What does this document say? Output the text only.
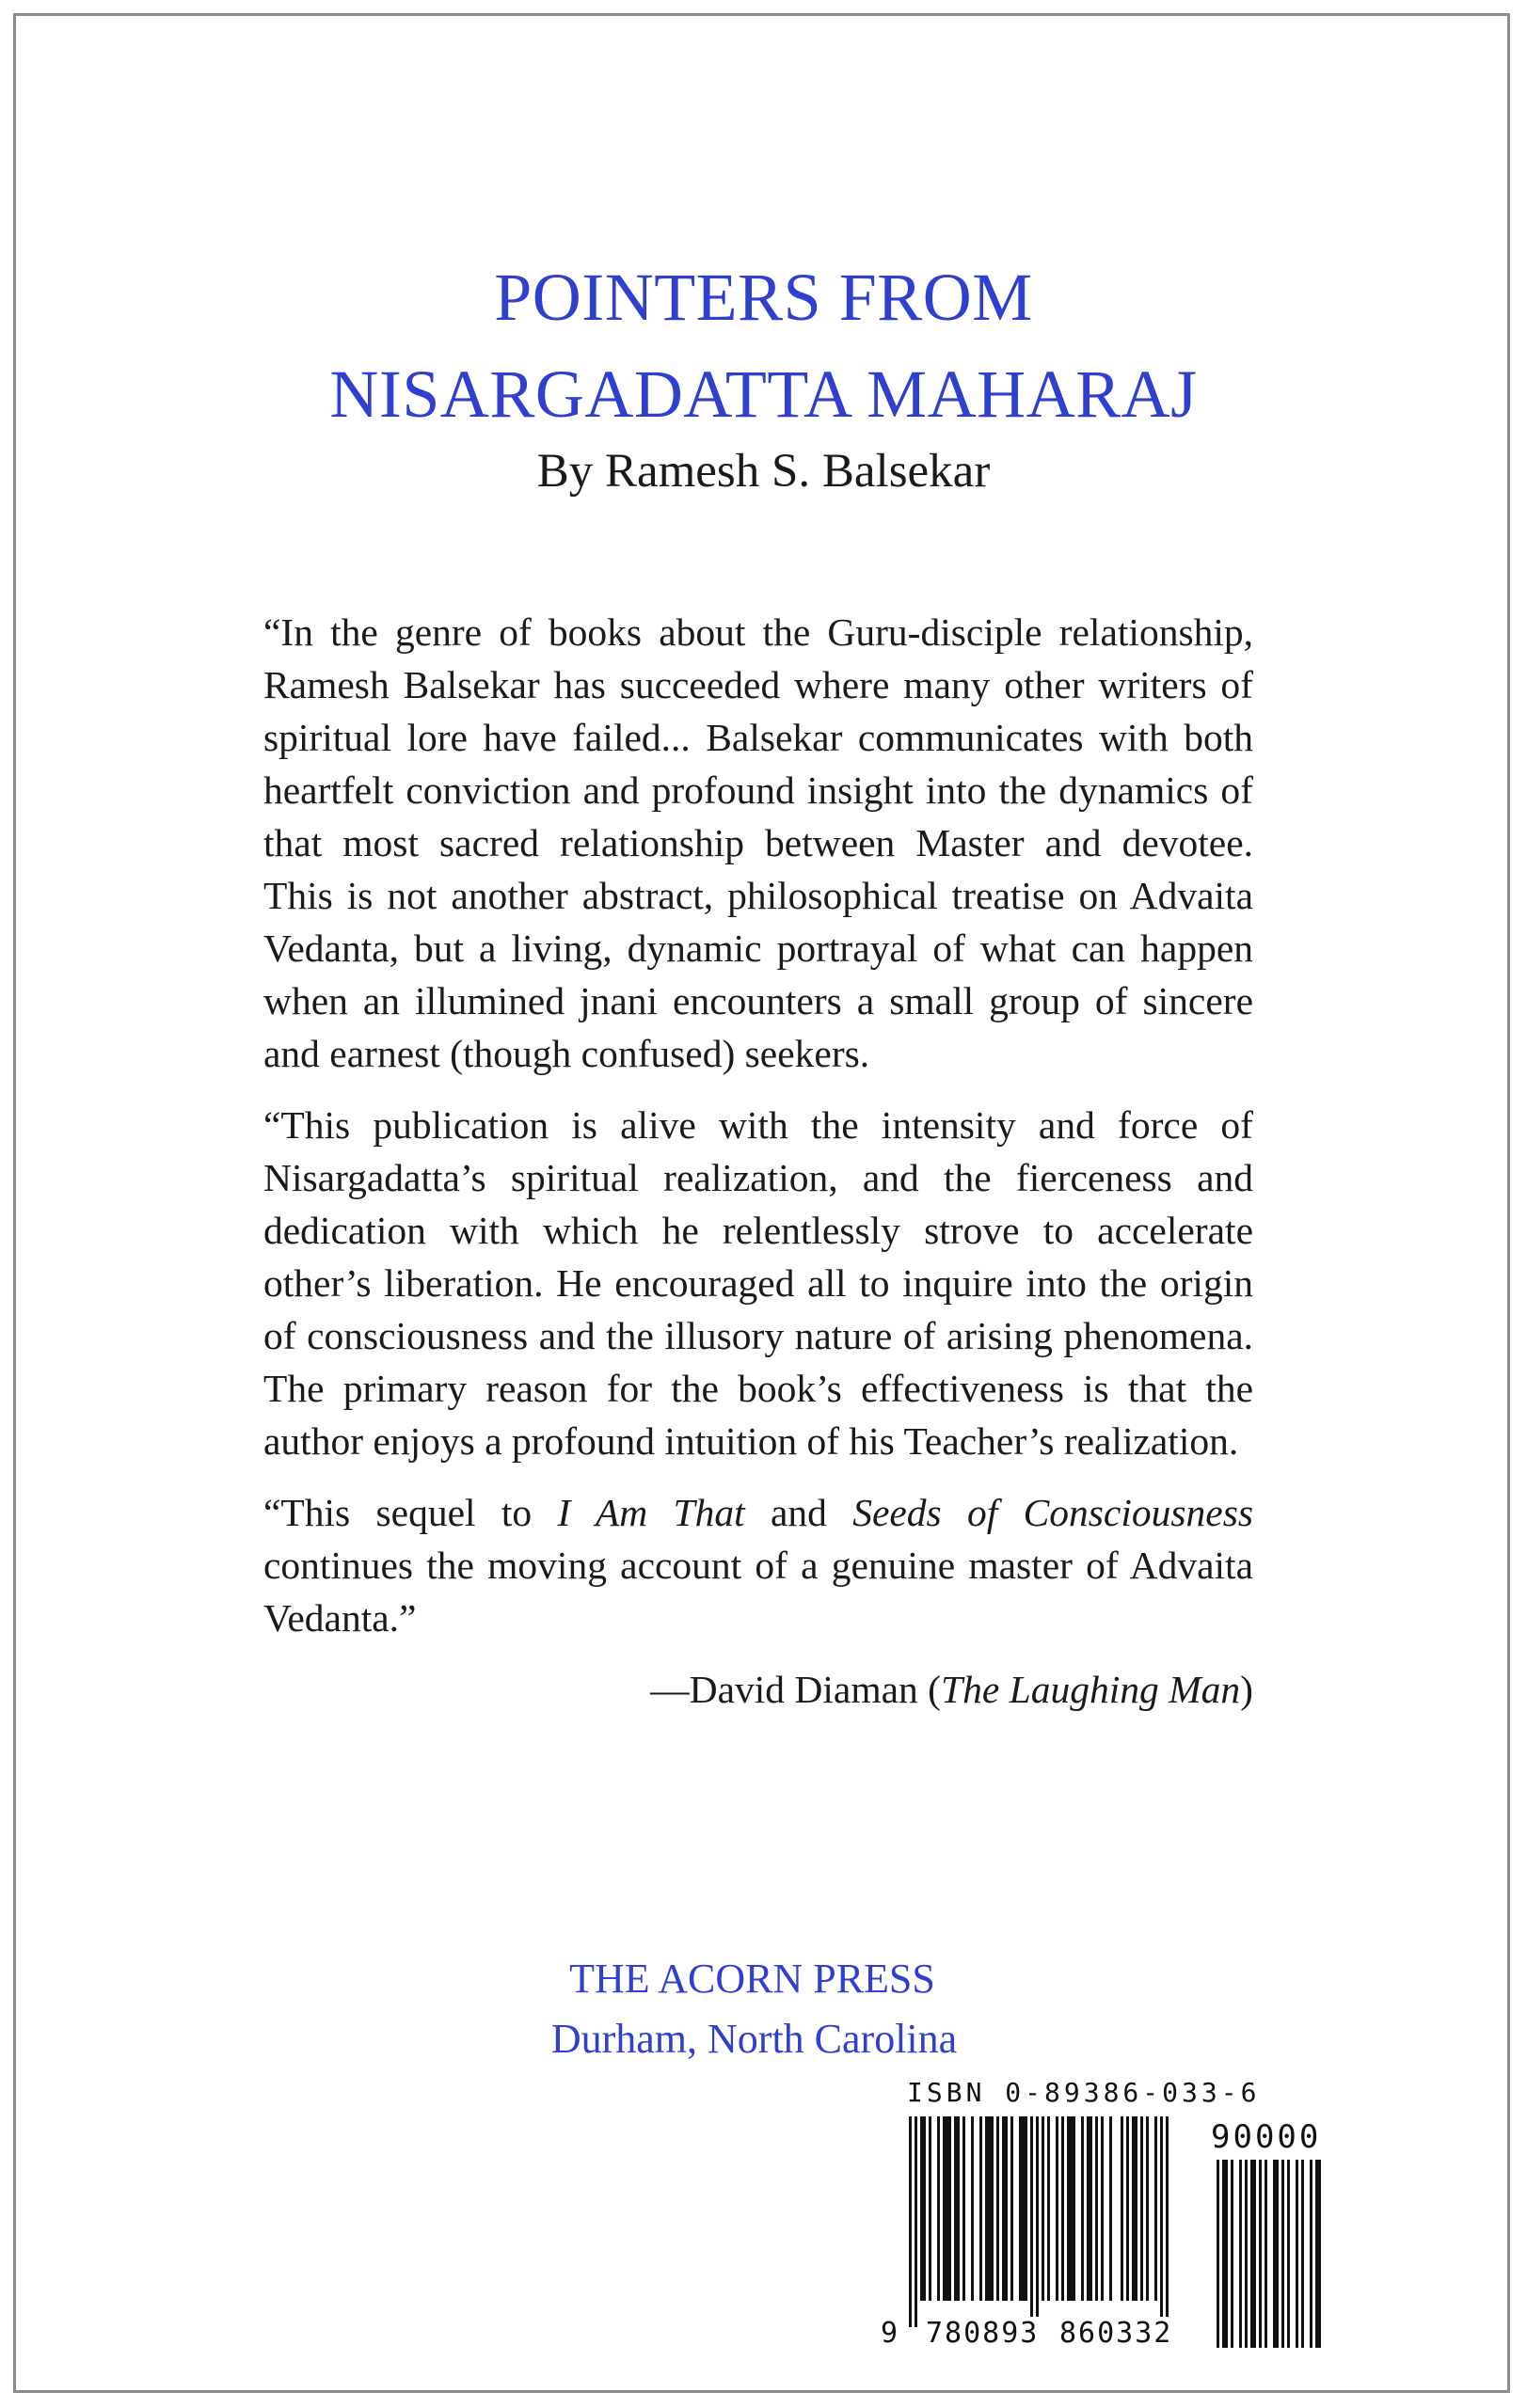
POINTERS FROM
NISARGADATTA MAHARAJ
By Ramesh S. Balsekar

“In the genre of books about the Guru-disciple relationship, Ramesh Balsekar has succeeded where many other writers of spiritual lore have failed... Balsekar communicates with both heartfelt conviction and profound insight into the dynamics of that most sacred relationship between Master and devotee. This is not another abstract, philosophical treatise on Advaita Vedanta, but a living, dynamic portrayal of what can happen when an illumined jnani encounters a small group of sincere and earnest (though confused) seekers.

“This publication is alive with the intensity and force of Nisargadatta’s spiritual realization, and the fierceness and dedication with which he relentlessly strove to accelerate other’s liberation. He encouraged all to inquire into the origin of consciousness and the illusory nature of arising phenomena. The primary reason for the book’s effectiveness is that the author enjoys a profound intuition of his Teacher’s realization.

“This sequel to I Am That and Seeds of Consciousness continues the moving account of a genuine master of Advaita Vedanta.”

—David Diaman (The Laughing Man)

THE ACORN PRESS
Durham, North Carolina
ISBN 0-89386-033-6
90000
9 780893 860332
